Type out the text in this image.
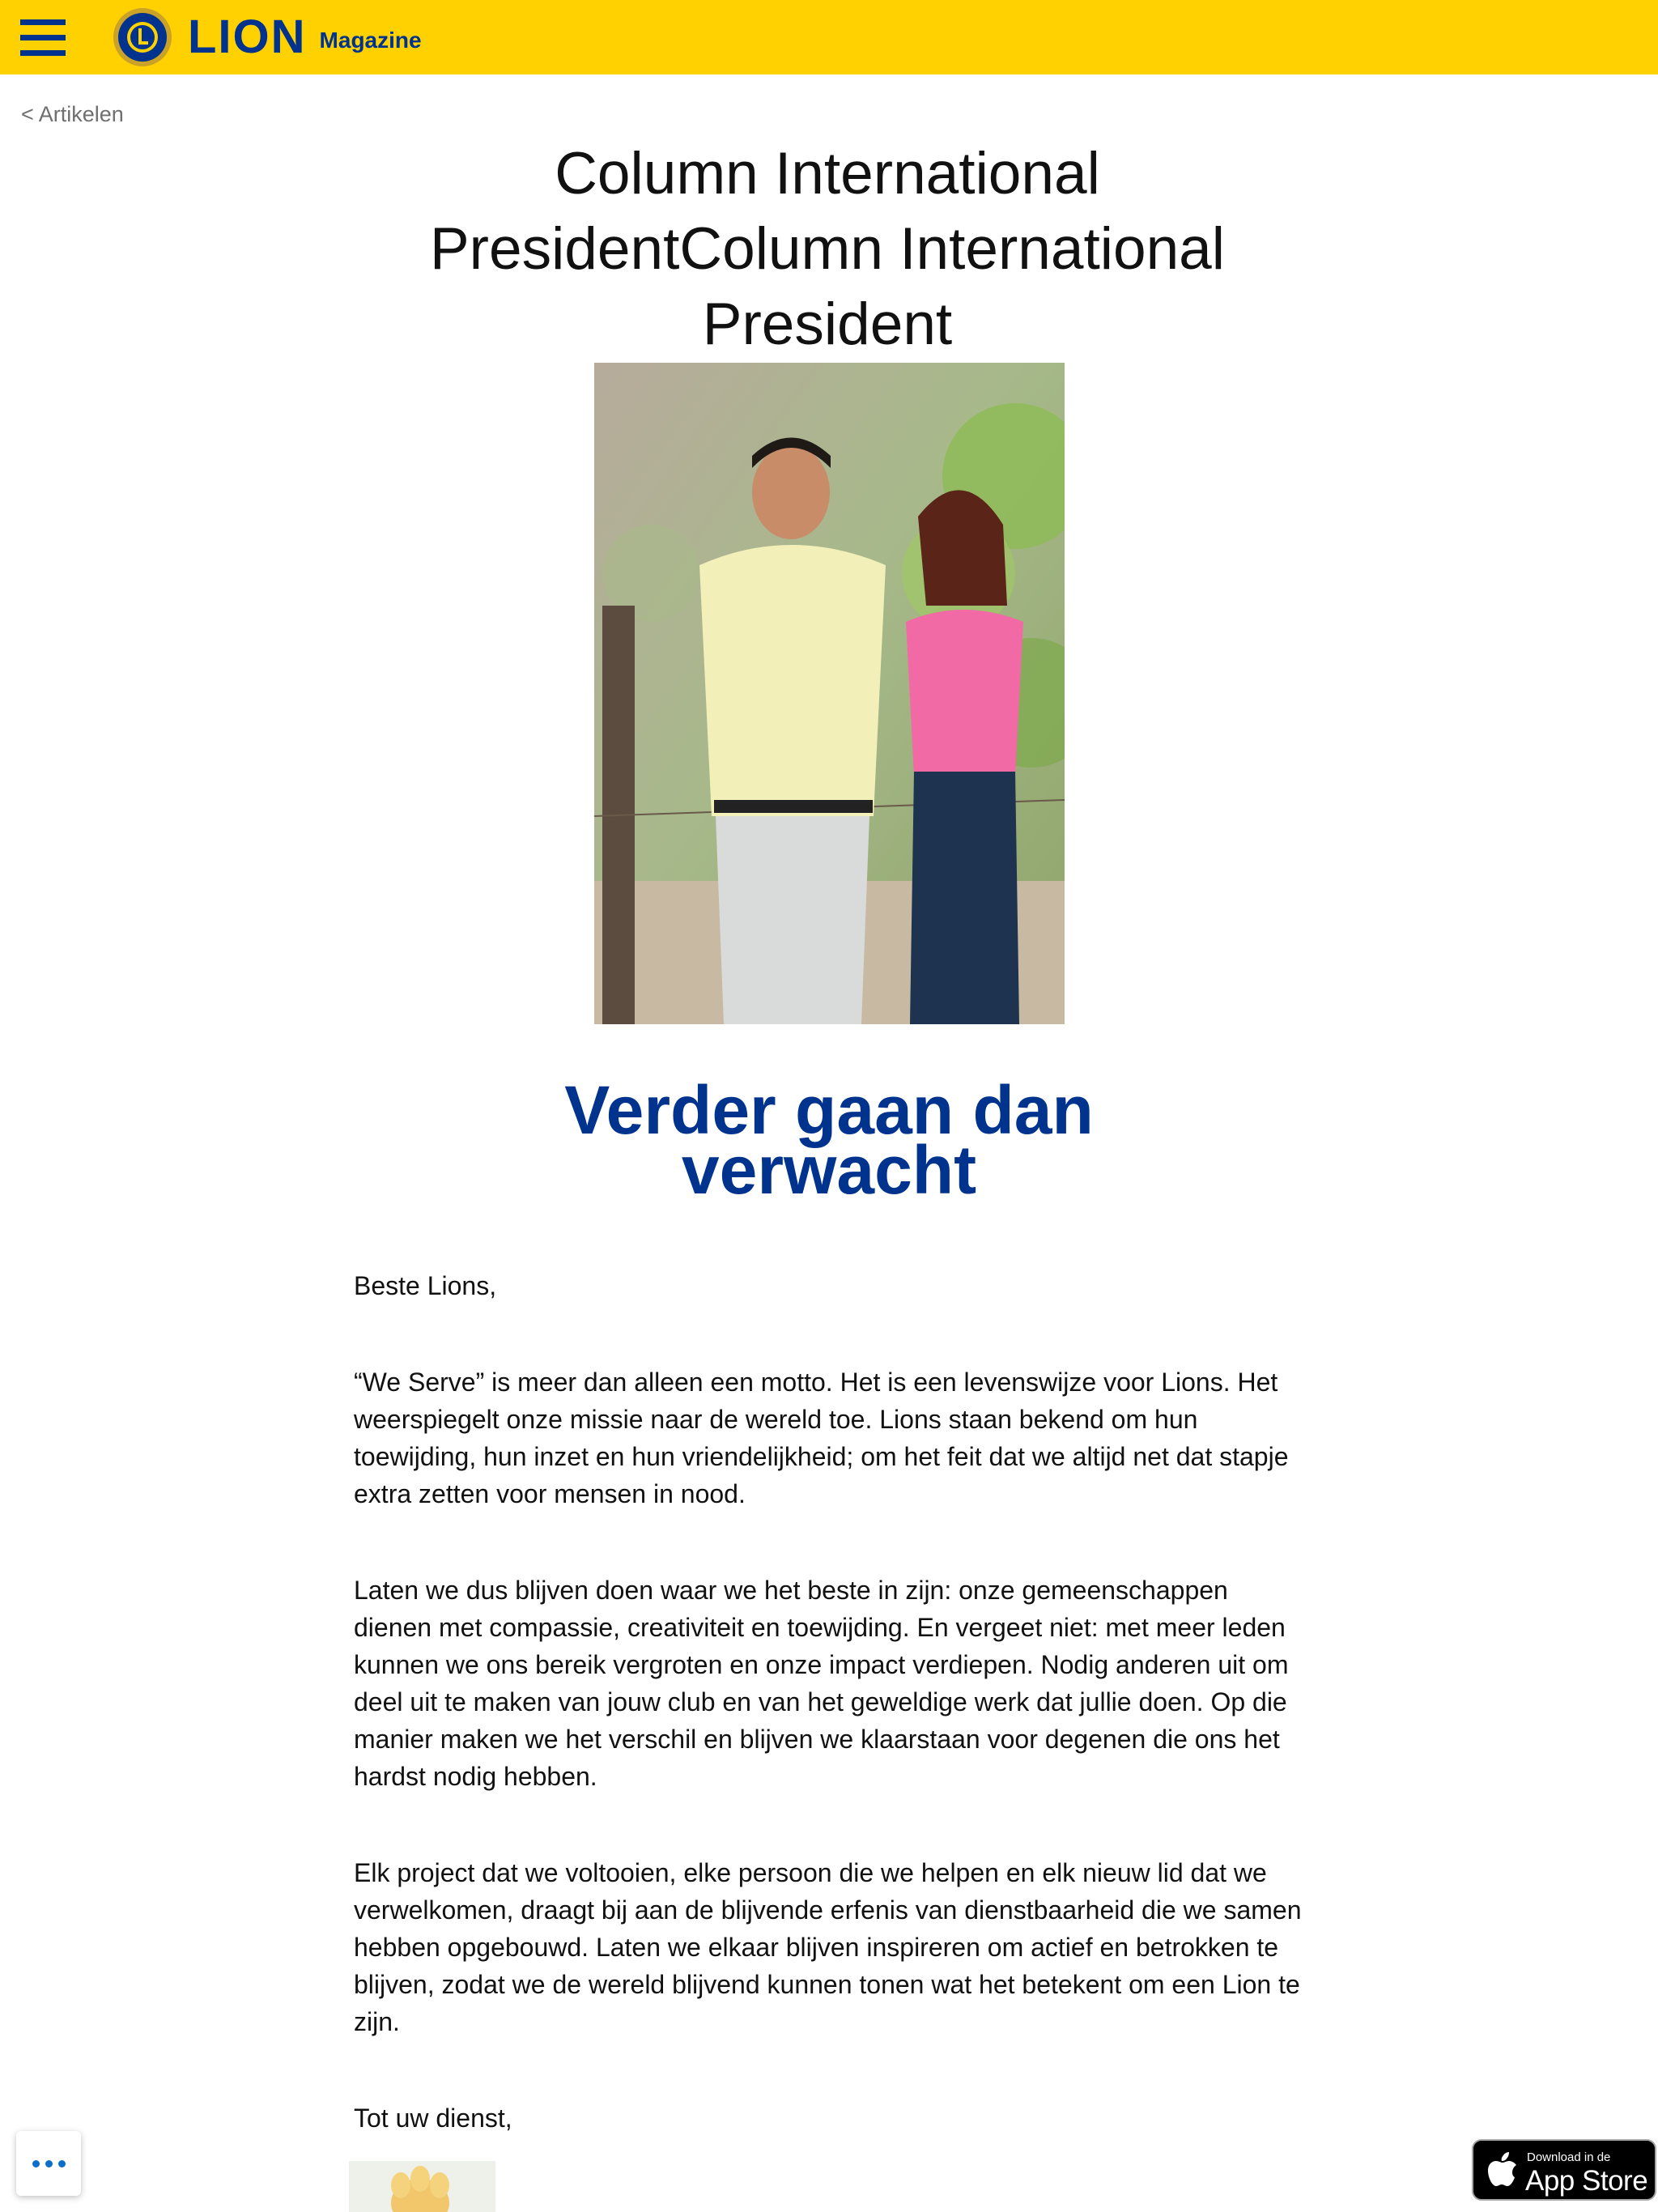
LION Magazine
< Artikelen
Column International PresidentColumn International President
Verder gaan dan verwacht

Beste Lions,

“We Serve” is meer dan alleen een motto. Het is een levenswijze voor Lions. Het weerspiegelt onze missie naar de wereld toe. Lions staan bekend om hun toewijding, hun inzet en hun vriendelijkheid; om het feit dat we altijd net dat stapje extra zetten voor mensen in nood.

Laten we dus blijven doen waar we het beste in zijn: onze gemeenschappen dienen met compassie, creativiteit en toewijding. En vergeet niet: met meer leden kunnen we ons bereik vergroten en onze impact verdiepen. Nodig anderen uit om deel uit te maken van jouw club en van het geweldige werk dat jullie doen. Op die manier maken we het verschil en blijven we klaarstaan voor degenen die ons het hardst nodig hebben.

Elk project dat we voltooien, elke persoon die we helpen en elk nieuw lid dat we verwelkomen, draagt bij aan de blijvende erfenis van dienstbaarheid die we samen hebben opgebouwd. Laten we elkaar blijven inspireren om actief en betrokken te blijven, zodat we de wereld blijvend kunnen tonen wat het betekent om een Lion te zijn.

Tot uw dienst,

Download in de
App Store
